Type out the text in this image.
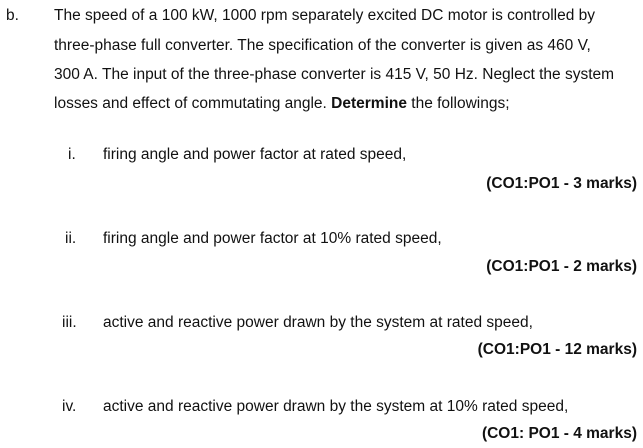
b. The speed of a 100 kW, 1000 rpm separately excited DC motor is controlled by
three-phase full converter. The specification of the converter is given as 460 V,
300 A. The input of the three-phase converter is 415 V, 50 Hz. Neglect the system
losses and effect of commutating angle. Determine the followings;
i. firing angle and power factor at rated speed,
(CO1:PO1 - 3 marks)
ii. firing angle and power factor at 10% rated speed,
(CO1:PO1 - 2 marks)
iii. active and reactive power drawn by the system at rated speed,
(CO1:PO1 - 12 marks)
iv. active and reactive power drawn by the system at 10% rated speed,
(CO1: PO1 - 4 marks)
